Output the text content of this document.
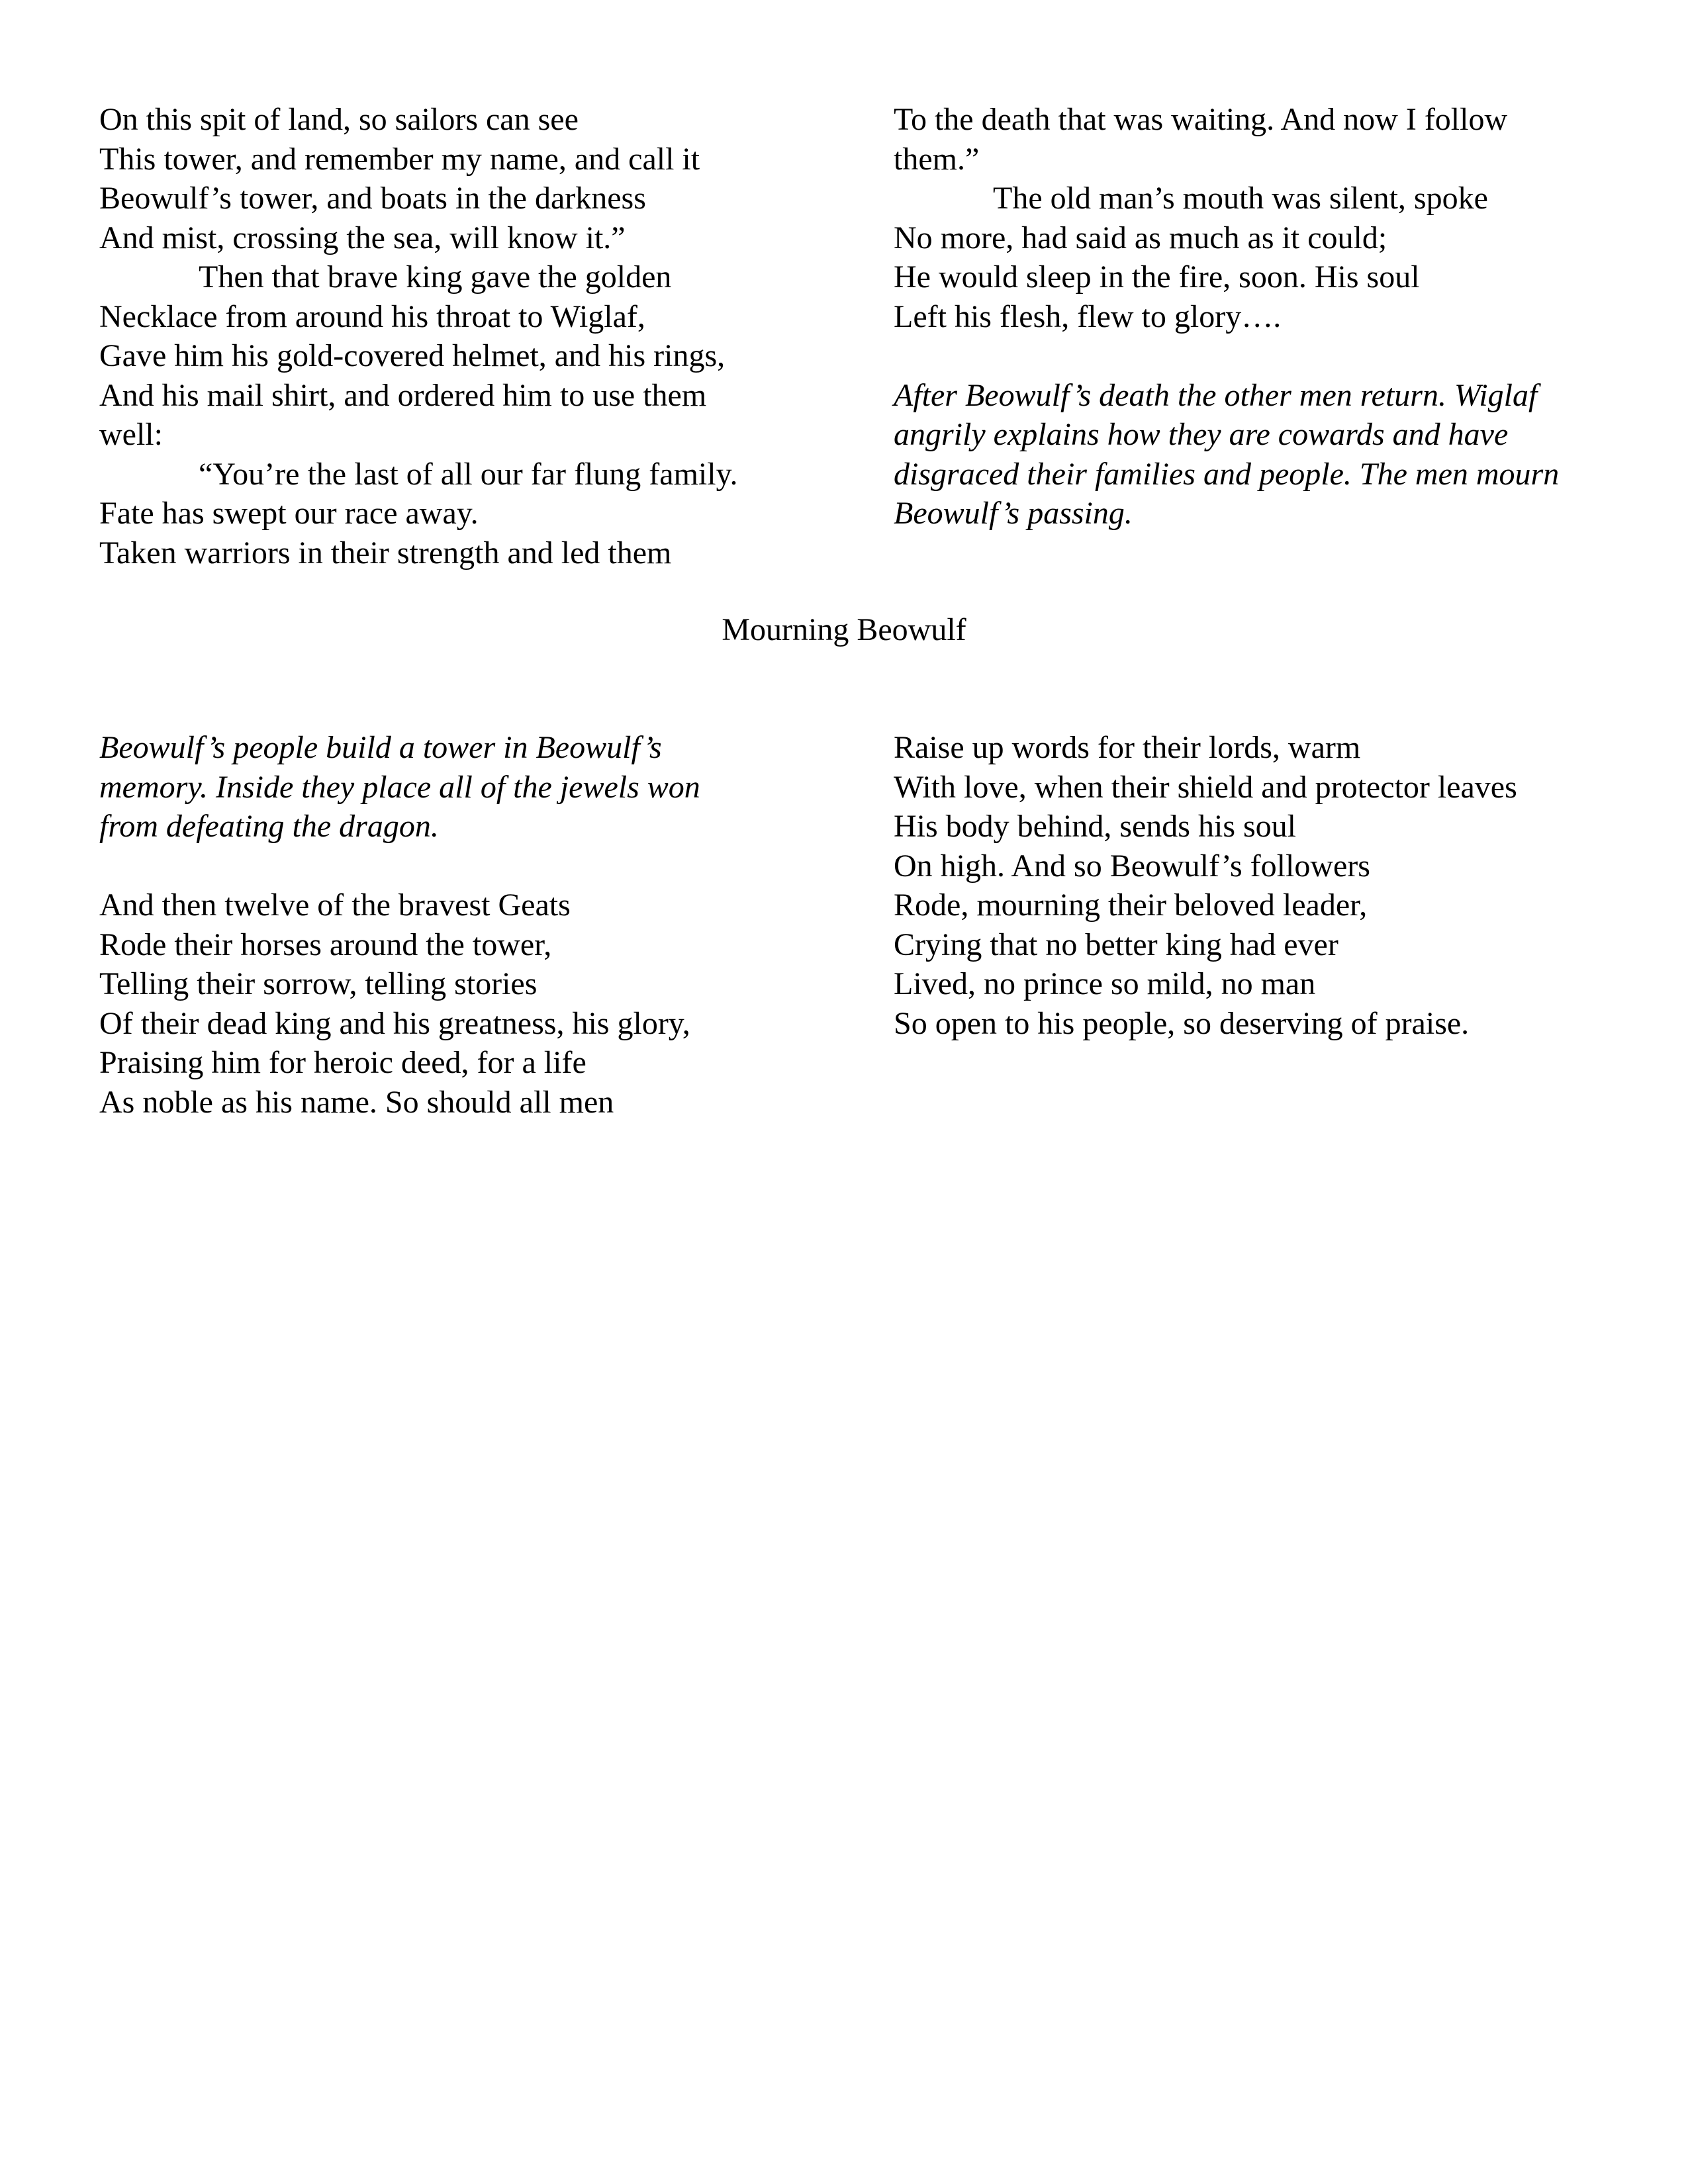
On this spit of land, so sailors can see
This tower, and remember my name, and call it
Beowulf’s tower, and boats in the darkness
And mist, crossing the sea, will know it.”
Then that brave king gave the golden
Necklace from around his throat to Wiglaf,
Gave him his gold-covered helmet, and his rings,
And his mail shirt, and ordered him to use them
well:
“You’re the last of all our far flung family.
Fate has swept our race away.
Taken warriors in their strength and led them
To the death that was waiting. And now I follow
them.”
The old man’s mouth was silent, spoke
No more, had said as much as it could;
He would sleep in the fire, soon. His soul
Left his flesh, flew to glory….
After Beowulf’s death the other men return. Wiglaf
angrily explains how they are cowards and have
disgraced their families and people. The men mourn
Beowulf’s passing.
Mourning Beowulf
Beowulf’s people build a tower in Beowulf’s
memory. Inside they place all of the jewels won
from defeating the dragon.
And then twelve of the bravest Geats
Rode their horses around the tower,
Telling their sorrow, telling stories
Of their dead king and his greatness, his glory,
Praising him for heroic deed, for a life
As noble as his name. So should all men
Raise up words for their lords, warm
With love, when their shield and protector leaves
His body behind, sends his soul
On high. And so Beowulf’s followers
Rode, mourning their beloved leader,
Crying that no better king had ever
Lived, no prince so mild, no man
So open to his people, so deserving of praise.
